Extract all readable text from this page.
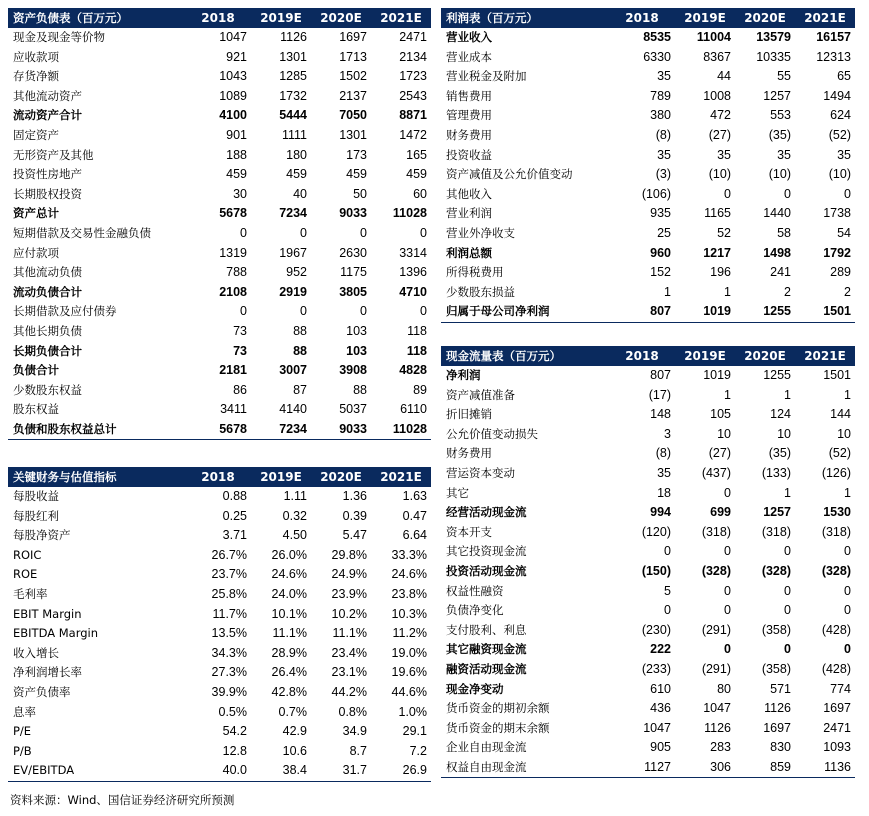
资产负债表（百万元）	2018	2019E	2020E	2021E
现金及现金等价物	1047	1126	1697	2471
应收款项	921	1301	1713	2134
存货净额	1043	1285	1502	1723
其他流动资产	1089	1732	2137	2543
流动资产合计	4100	5444	7050	8871
固定资产	901	1111	1301	1472
无形资产及其他	188	180	173	165
投资性房地产	459	459	459	459
长期股权投资	30	40	50	60
资产总计	5678	7234	9033	11028
短期借款及交易性金融负债	0	0	0	0
应付款项	1319	1967	2630	3314
其他流动负债	788	952	1175	1396
流动负债合计	2108	2919	3805	4710
长期借款及应付债券	0	0	0	0
其他长期负债	73	88	103	118
长期负债合计	73	88	103	118
负债合计	2181	3007	3908	4828
少数股东权益	86	87	88	89
股东权益	3411	4140	5037	6110
负债和股东权益总计	5678	7234	9033	11028
关键财务与估值指标	2018	2019E	2020E	2021E
每股收益	0.88	1.11	1.36	1.63
每股红利	0.25	0.32	0.39	0.47
每股净资产	3.71	4.50	5.47	6.64
ROIC	26.7%	26.0%	29.8%	33.3%
ROE	23.7%	24.6%	24.9%	24.6%
毛利率	25.8%	24.0%	23.9%	23.8%
EBIT Margin	11.7%	10.1%	10.2%	10.3%
EBITDA Margin	13.5%	11.1%	11.1%	11.2%
收入增长	34.3%	28.9%	23.4%	19.0%
净利润增长率	27.3%	26.4%	23.1%	19.6%
资产负债率	39.9%	42.8%	44.2%	44.6%
息率	0.5%	0.7%	0.8%	1.0%
P/E	54.2	42.9	34.9	29.1
P/B	12.8	10.6	8.7	7.2
EV/EBITDA	40.0	38.4	31.7	26.9
利润表（百万元）	2018	2019E	2020E	2021E
营业收入	8535	11004	13579	16157
营业成本	6330	8367	10335	12313
营业税金及附加	35	44	55	65
销售费用	789	1008	1257	1494
管理费用	380	472	553	624
财务费用	(8)	(27)	(35)	(52)
投资收益	35	35	35	35
资产减值及公允价值变动	(3)	(10)	(10)	(10)
其他收入	(106)	0	0	0
营业利润	935	1165	1440	1738
营业外净收支	25	52	58	54
利润总额	960	1217	1498	1792
所得税费用	152	196	241	289
少数股东损益	1	1	2	2
归属于母公司净利润	807	1019	1255	1501
现金流量表（百万元）	2018	2019E	2020E	2021E
净利润	807	1019	1255	1501
资产减值准备	(17)	1	1	1
折旧摊销	148	105	124	144
公允价值变动损失	3	10	10	10
财务费用	(8)	(27)	(35)	(52)
营运资本变动	35	(437)	(133)	(126)
其它	18	0	1	1
经营活动现金流	994	699	1257	1530
资本开支	(120)	(318)	(318)	(318)
其它投资现金流	0	0	0	0
投资活动现金流	(150)	(328)	(328)	(328)
权益性融资	5	0	0	0
负债净变化	0	0	0	0
支付股利、利息	(230)	(291)	(358)	(428)
其它融资现金流	222	0	0	0
融资活动现金流	(233)	(291)	(358)	(428)
现金净变动	610	80	571	774
货币资金的期初余额	436	1047	1126	1697
货币资金的期末余额	1047	1126	1697	2471
企业自由现金流	905	283	830	1093
权益自由现金流	1127	306	859	1136
资料来源：Wind、国信证券经济研究所预测
